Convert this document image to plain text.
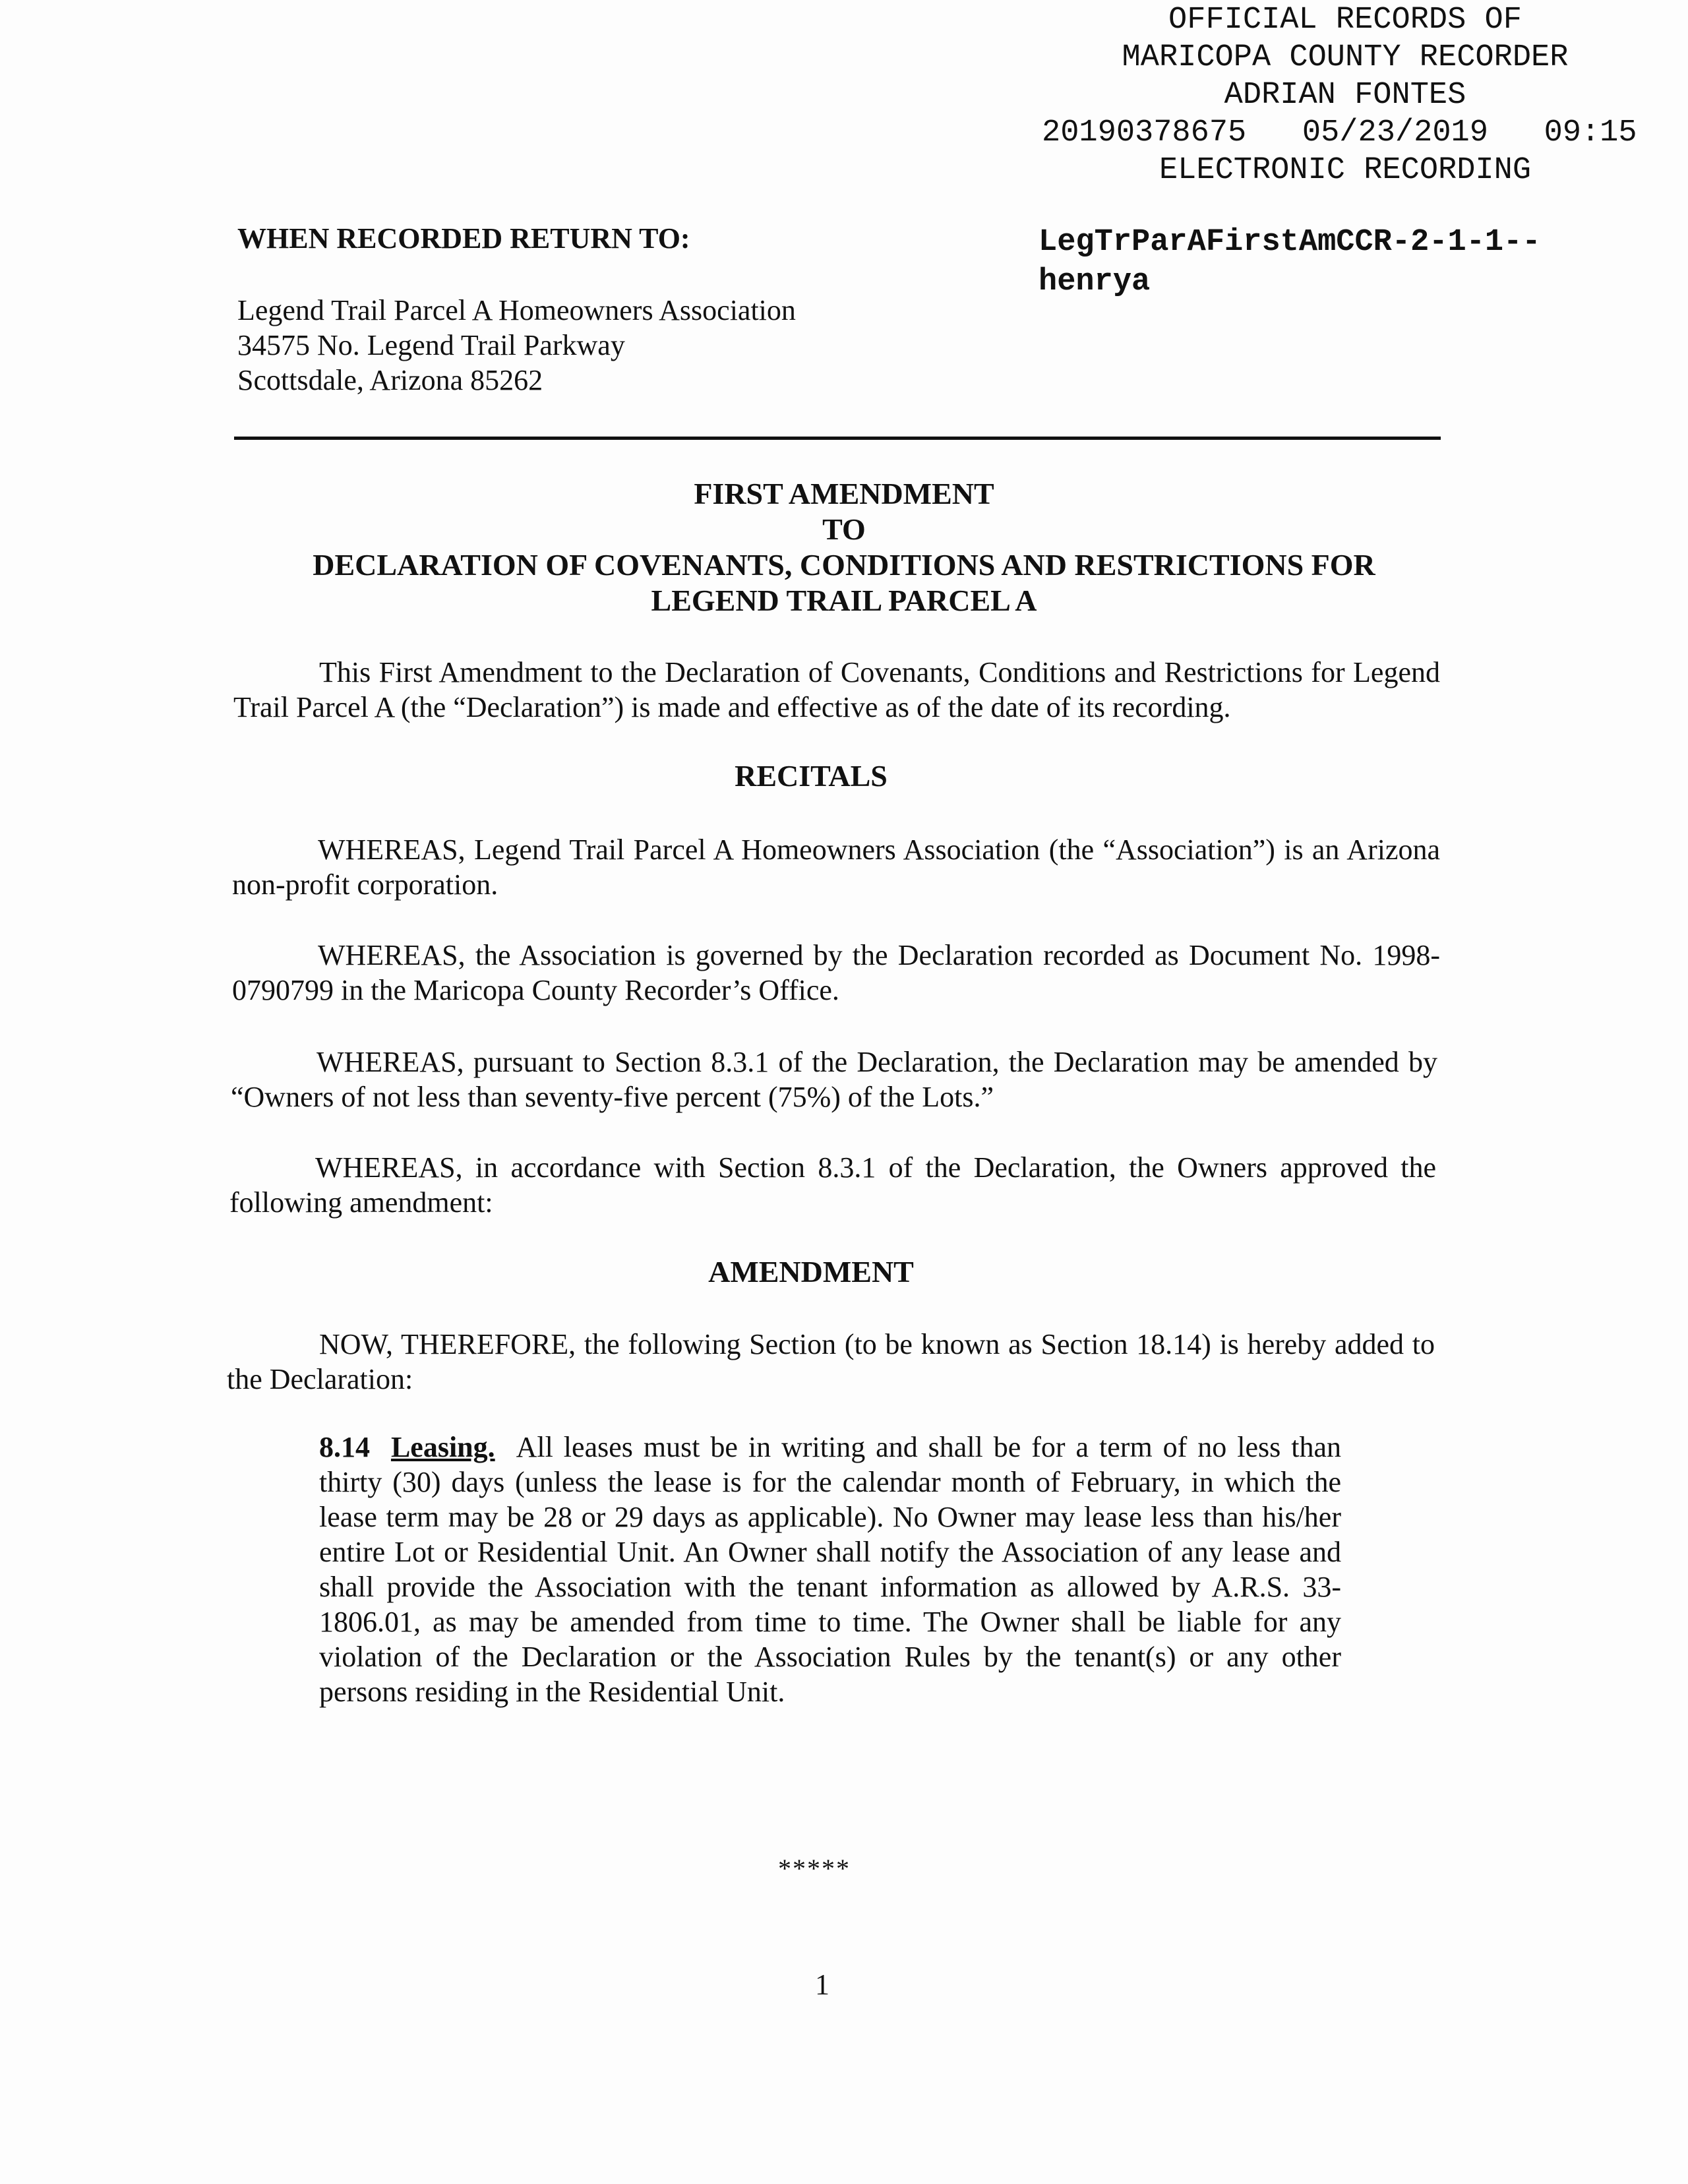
OFFICIAL RECORDS OF
MARICOPA COUNTY RECORDER
ADRIAN FONTES
20190378675 05/23/2019 09:15
ELECTRONIC RECORDING
WHEN RECORDED RETURN TO:
Legend Trail Parcel A Homeowners Association
34575 No. Legend Trail Parkway
Scottsdale, Arizona 85262
LegTrParAFirstAmCCR-2-1-1--
henrya
FIRST AMENDMENT
TO
DECLARATION OF COVENANTS, CONDITIONS AND RESTRICTIONS FOR
LEGEND TRAIL PARCEL A
This First Amendment to the Declaration of Covenants, Conditions and Restrictions for Legend Trail Parcel A (the “Declaration”) is made and effective as of the date of its recording.
RECITALS
WHEREAS, Legend Trail Parcel A Homeowners Association (the “Association”) is an Arizona non-profit corporation.
WHEREAS, the Association is governed by the Declaration recorded as Document No. 1998-0790799 in the Maricopa County Recorder’s Office.
WHEREAS, pursuant to Section 8.3.1 of the Declaration, the Declaration may be amended by “Owners of not less than seventy-five percent (75%) of the Lots.”
WHEREAS, in accordance with Section 8.3.1 of the Declaration, the Owners approved the following amendment:
AMENDMENT
NOW, THEREFORE, the following Section (to be known as Section 18.14) is hereby added to the Declaration:
8.14 Leasing. All leases must be in writing and shall be for a term of no less than thirty (30) days (unless the lease is for the calendar month of February, in which the lease term may be 28 or 29 days as applicable). No Owner may lease less than his/her entire Lot or Residential Unit. An Owner shall notify the Association of any lease and shall provide the Association with the tenant information as allowed by A.R.S. 33-1806.01, as may be amended from time to time. The Owner shall be liable for any violation of the Declaration or the Association Rules by the tenant(s) or any other persons residing in the Residential Unit.
*****
1
